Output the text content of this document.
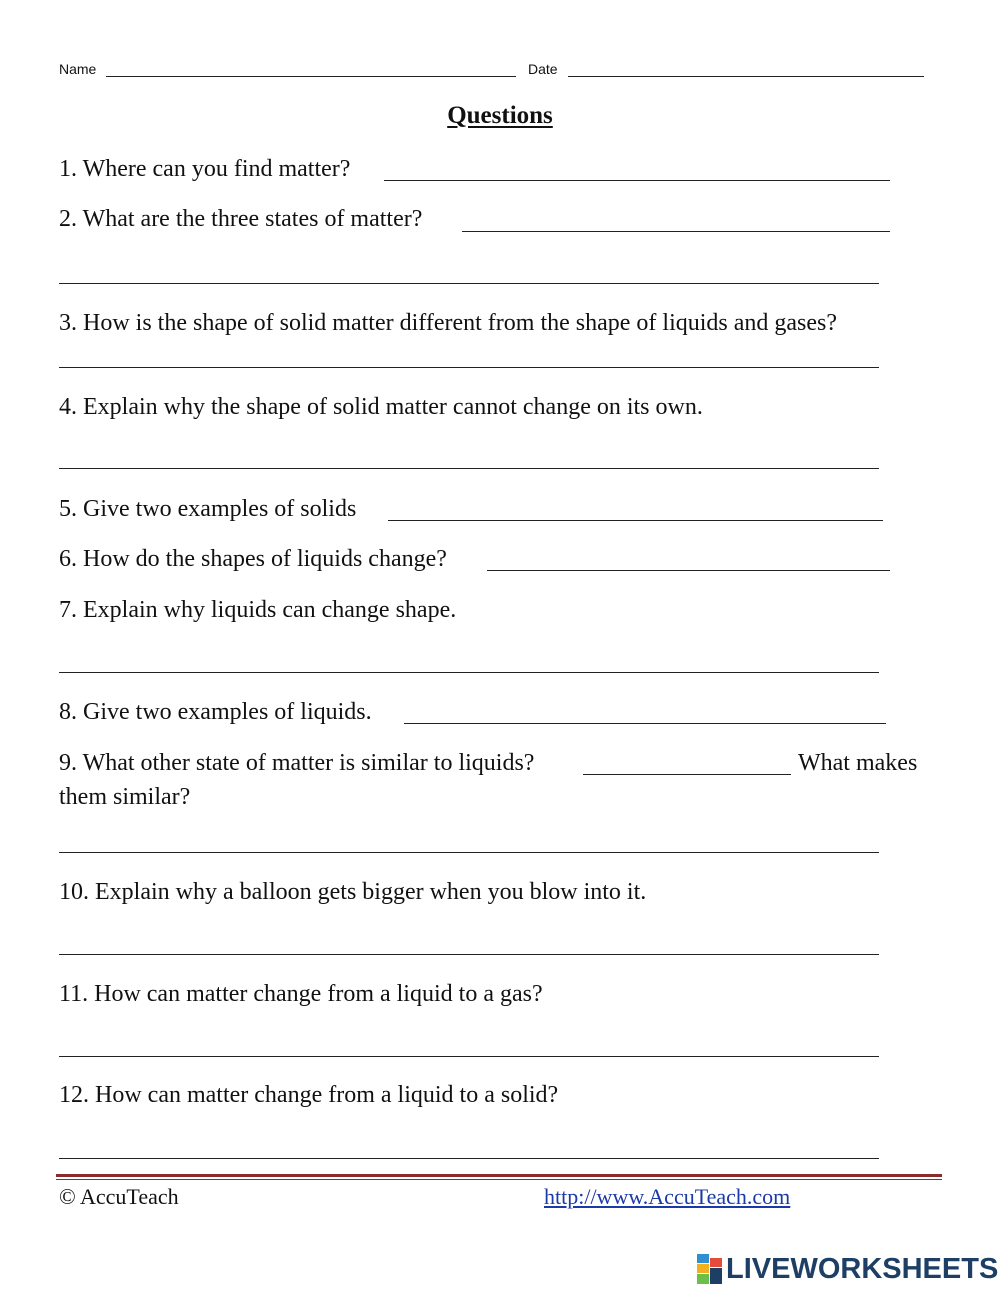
Name	Date
Questions
1. Where can you find matter?
2. What are the three states of matter?
3. How is the shape of solid matter different from the shape of liquids and gases?
4. Explain why the shape of solid matter cannot change on its own.
5. Give two examples of solids
6. How do the shapes of liquids change?
7. Explain why liquids can change shape.
8. Give two examples of liquids.
9. What other state of matter is similar to liquids?	What makes
them similar?
10. Explain why a balloon gets bigger when you blow into it.
11. How can matter change from a liquid to a gas?
12. How can matter change from a liquid to a solid?
© AccuTeach	http://www.AccuTeach.com
LIVEWORKSHEETS
